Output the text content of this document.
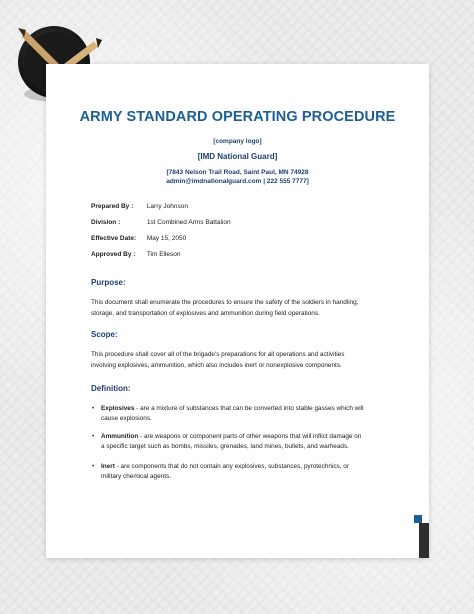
ARMY STANDARD OPERATING PROCEDURE
[company logo]
[IMD National Guard]
[7843 Nelson Trail Road, Saint Paul, MN 74928
admin@imdnationalguard.com | 222 555 7777]
Prepared By : Larry Johnson
Division :	1st Combined Arms Battalion
Effective Date: May 15, 2050
Approved By : Tim Elleson
Purpose:
This document shall enumerate the procedures to ensure the safety of the soldiers in handling,
storage, and transportation of explosives and ammunition during field operations.
Scope:
This procedure shall cover all of the brigade's preparations for all operations and activities
involving explosives, ammunition, which also includes inert or nonexplosive components.
Definition:
• Explosives - are a mixture of substances that can be converted into stable gasses which will
cause explosions.
• Ammunition - are weapons or component parts of other weapons that will inflict damage on
a specific target such as bombs, missiles, grenades, land mines, bullets, and warheads.
• Inert - are components that do not contain any explosives, substances, pyrotechnics, or
military chemical agents.
